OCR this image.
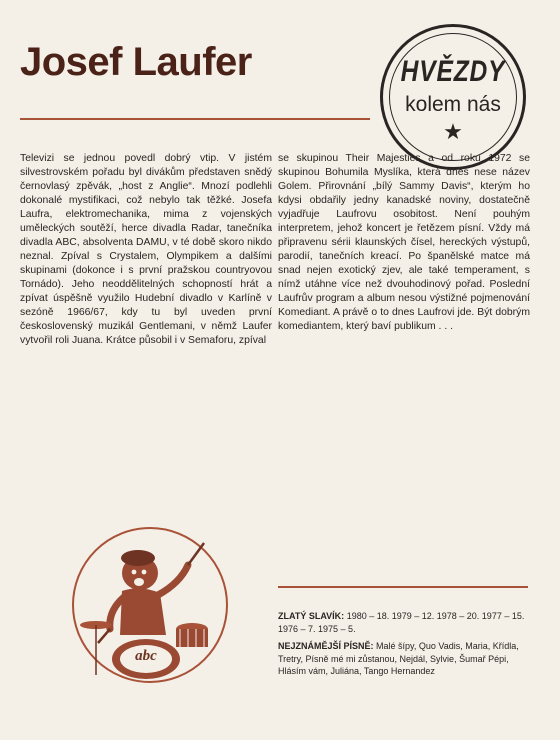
Josef Laufer	HVĚZDY
kolem nás
★
Televizi se jednou povedl dobrý vtip. V jistém silvestrovském pořadu byl divákům představen snědý černovlasý zpěvák, „host z Anglie“. Mnozí podlehli dokonalé mystifikaci, což nebylo tak těžké. Josefa Laufra, elektromechanika, mima z vojenských uměleckých soutěží, herce divadla Radar, tanečníka divadla ABC, absolventa DAMU, v té době skoro nikdo neznal. Zpíval s Crystalem, Olympikem a dalšími skupinami (dokonce i s první pražskou countryovou Tornádo). Jeho neoddělitelných schopností hrát a zpívat úspěšně využilo Hudební divadlo v Karlíně v sezóně 1966/67, kdy tu byl uveden první československý muzikál Gentlemani, v němž Laufer vytvořil roli Juana. Krátce působil i v Semaforu, zpíval
se skupinou Their Majesties a od roku 1972 se skupinou Bohumila Myslíka, která dnes nese název Golem. Přirovnání „bílý Sammy Davis“, kterým ho kdysi obdařily jedny kanadské noviny, dostatečně vyjadřuje Laufrovu osobitost. Není pouhým interpretem, jehož koncert je řetězem písní. Vždy má připravenu sérii klaunských čísel, hereckých výstupů, parodií, tanečních kreací. Po španělské matce má snad nejen exotický zjev, ale také temperament, s nímž utáhne více než dvouhodinový pořad. Poslední Laufrův program a album nesou výstižné pojmenování Komediant. A právě o to dnes Laufrovi jde. Být dobrým komediantem, který baví publikum . . .
abc
ZLATÝ SLAVÍK: 1980 – 18. 1979 – 12. 1978 – 20. 1977 – 15. 1976 – 7. 1975 – 5.
NEJZNÁMĚJŠÍ PÍSNĚ: Malé šípy, Quo Vadis, Maria, Křídla, Tretry, Písně mé mi zůstanou, Nejdál, Sylvie, Šumař Pépi, Hlásím vám, Juliána, Tango Hernandez
